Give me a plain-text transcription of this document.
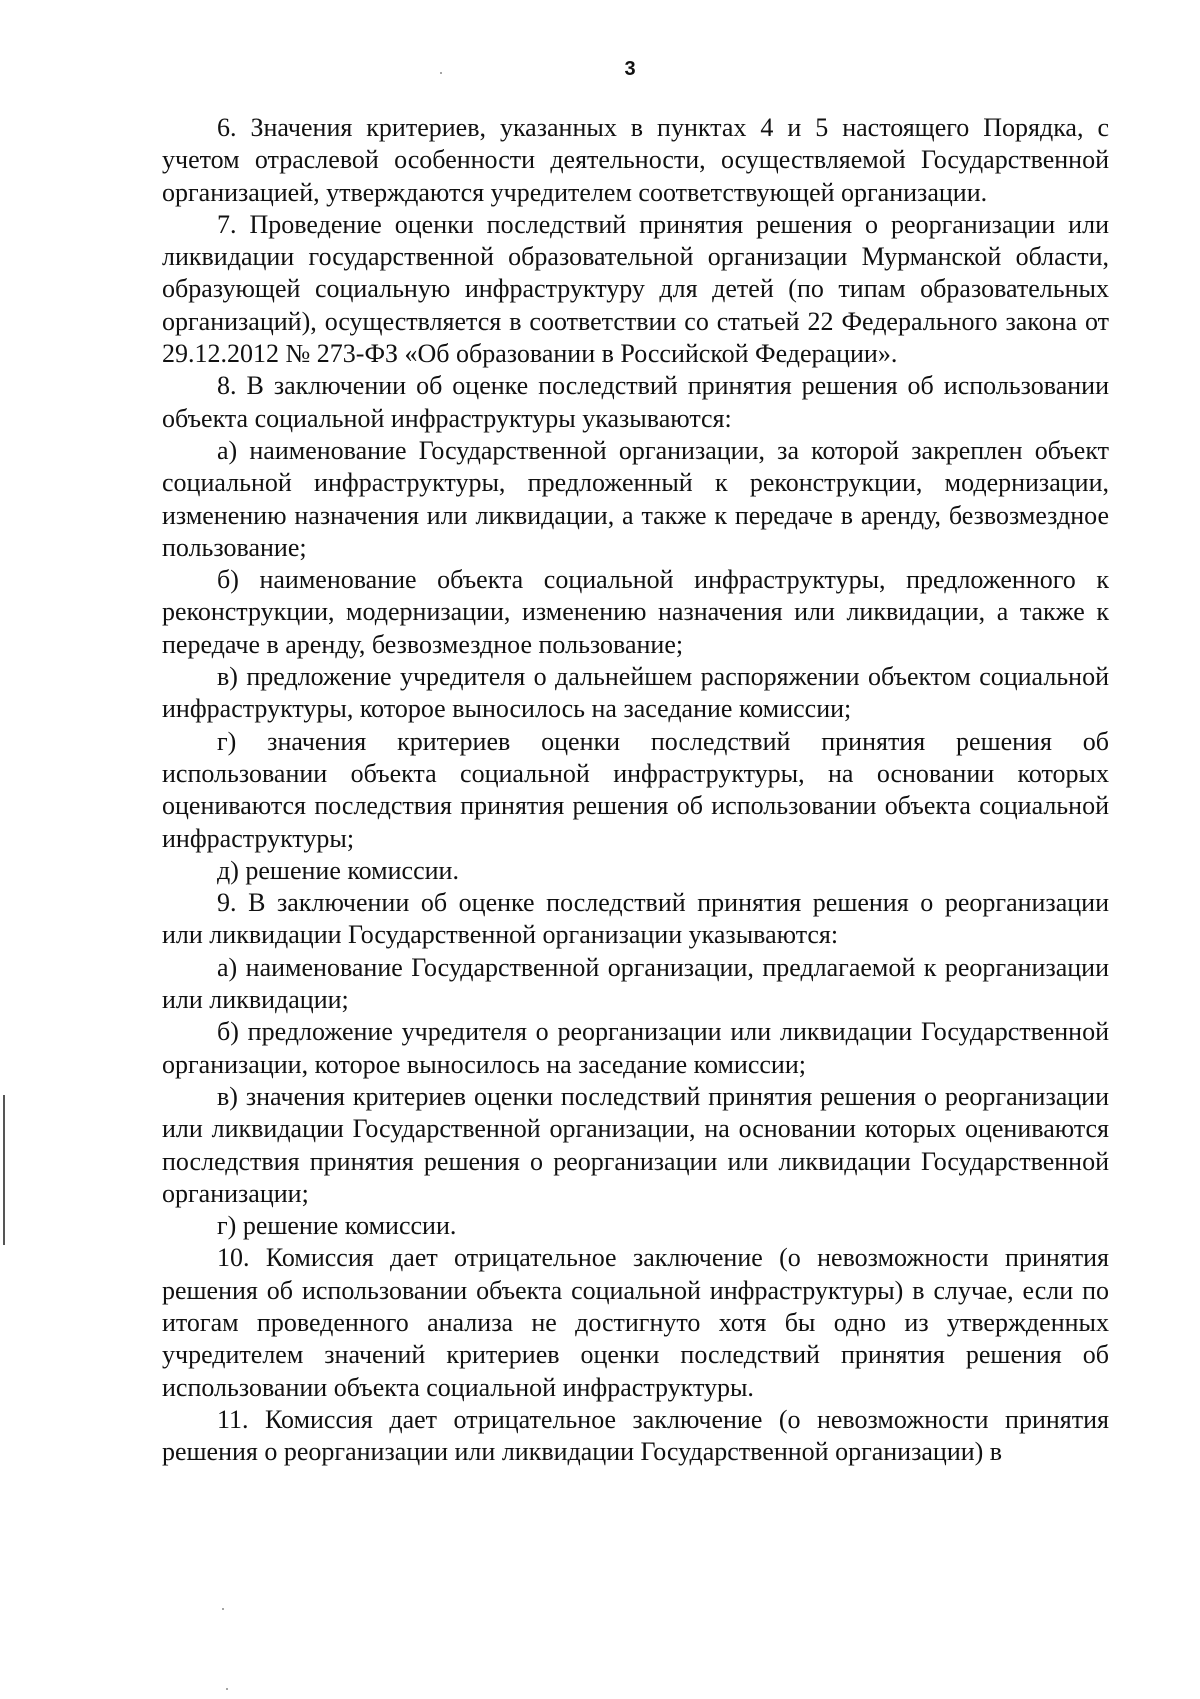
3

6. Значения критериев, указанных в пунктах 4 и 5 настоящего Порядка, с учетом отраслевой особенности деятельности, осуществляемой Государственной организацией, утверждаются учредителем соответствующей организации.

7. Проведение оценки последствий принятия решения о реорганизации или ликвидации государственной образовательной организации Мурманской области, образующей социальную инфраструктуру для детей (по типам образовательных организаций), осуществляется в соответствии со статьей 22 Федерального закона от 29.12.2012 № 273-ФЗ «Об образовании в Российской Федерации».

8. В заключении об оценке последствий принятия решения об использовании объекта социальной инфраструктуры указываются:

а) наименование Государственной организации, за которой закреплен объект социальной инфраструктуры, предложенный к реконструкции, модернизации, изменению назначения или ликвидации, а также к передаче в аренду, безвозмездное пользование;

б) наименование объекта социальной инфраструктуры, предложенного к реконструкции, модернизации, изменению назначения или ликвидации, а также к передаче в аренду, безвозмездное пользование;

в) предложение учредителя о дальнейшем распоряжении объектом социальной инфраструктуры, которое выносилось на заседание комиссии;

г) значения критериев оценки последствий принятия решения об использовании объекта социальной инфраструктуры, на основании которых оцениваются последствия принятия решения об использовании объекта социальной инфраструктуры;

д) решение комиссии.

9. В заключении об оценке последствий принятия решения о реорганизации или ликвидации Государственной организации указываются:

а) наименование Государственной организации, предлагаемой к реорганизации или ликвидации;

б) предложение учредителя о реорганизации или ликвидации Государственной организации, которое выносилось на заседание комиссии;

в) значения критериев оценки последствий принятия решения о реорганизации или ликвидации Государственной организации, на основании которых оцениваются последствия принятия решения о реорганизации или ликвидации Государственной организации;

г) решение комиссии.

10. Комиссия дает отрицательное заключение (о невозможности принятия решения об использовании объекта социальной инфраструктуры) в случае, если по итогам проведенного анализа не достигнуто хотя бы одно из утвержденных учредителем значений критериев оценки последствий принятия решения об использовании объекта социальной инфраструктуры.

11. Комиссия дает отрицательное заключение (о невозможности принятия решения о реорганизации или ликвидации Государственной организации) в
